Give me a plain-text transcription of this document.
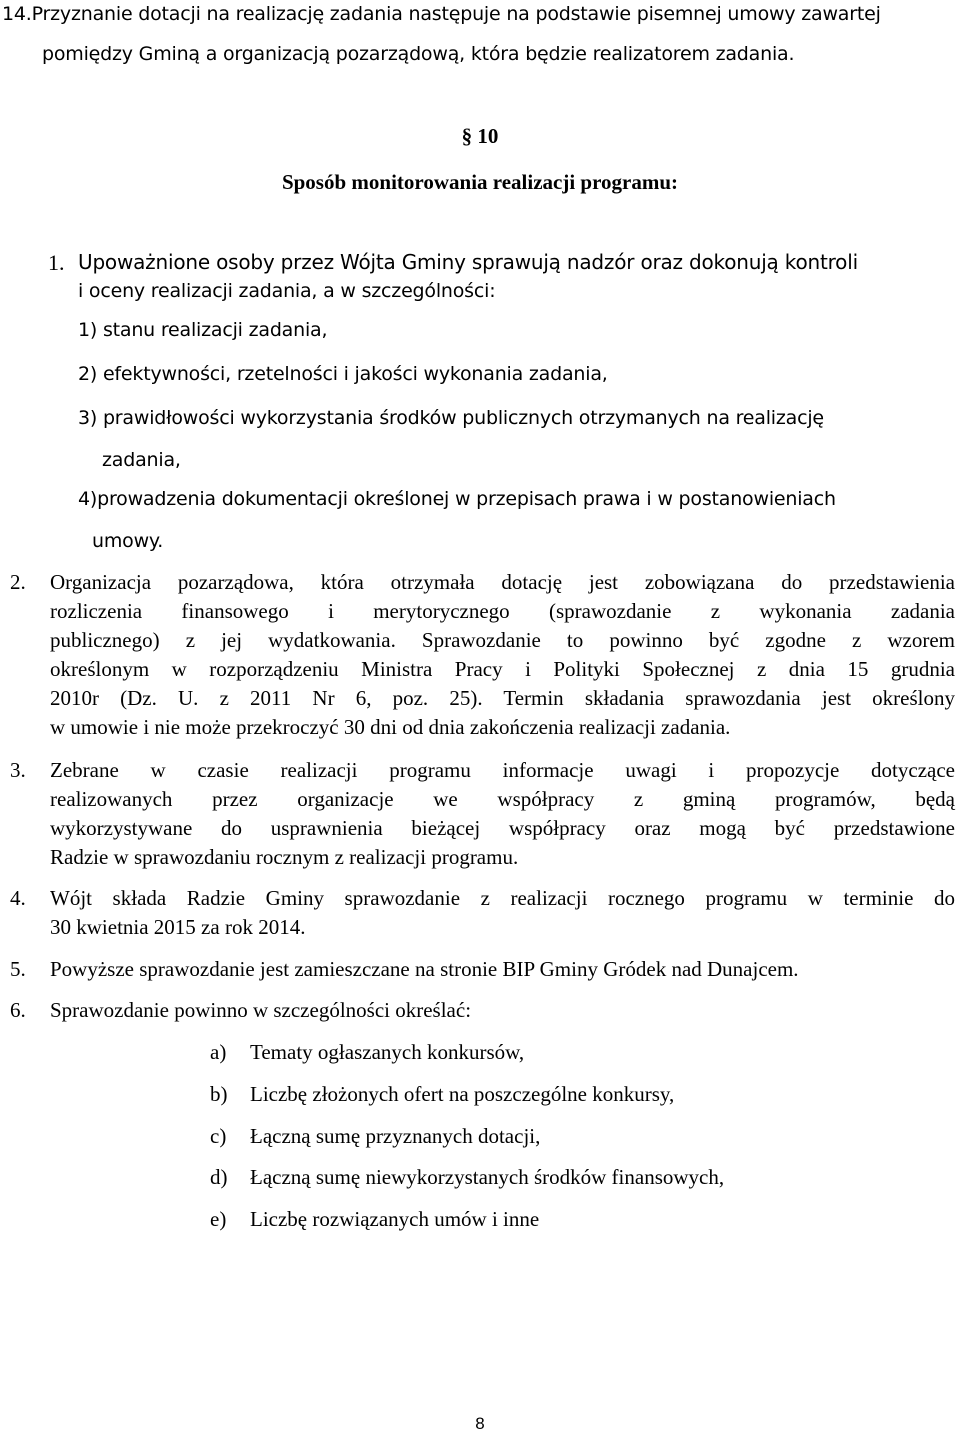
14.Przyznanie dotacji na realizację zadania następuje na podstawie pisemnej umowy zawartej
pomiędzy Gminą a organizacją pozarządową, która będzie realizatorem zadania.
§ 10
Sposób monitorowania realizacji programu:
1. Upoważnione osoby przez Wójta Gminy sprawują nadzór oraz dokonują kontroli
i oceny realizacji zadania, a w szczególności:
1) stanu realizacji zadania,
2) efektywności, rzetelności i jakości wykonania zadania,
3) prawidłowości wykorzystania środków publicznych otrzymanych na realizację
zadania,
4)prowadzenia dokumentacji określonej w przepisach prawa i w postanowieniach
umowy.
2. Organizacja pozarządowa, która otrzymała dotację jest zobowiązana do przedstawienia
rozliczenia finansowego i merytorycznego (sprawozdanie z wykonania zadania
publicznego) z jej wydatkowania. Sprawozdanie to powinno być zgodne z wzorem
określonym w rozporządzeniu Ministra Pracy i Polityki Społecznej z dnia 15 grudnia
2010r (Dz. U. z 2011 Nr 6, poz. 25). Termin składania sprawozdania jest określony
w umowie i nie może przekroczyć 30 dni od dnia zakończenia realizacji zadania.
3. Zebrane w czasie realizacji programu informacje uwagi i propozycje dotyczące
realizowanych przez organizacje we współpracy z gminą programów, będą
wykorzystywane do usprawnienia bieżącej współpracy oraz mogą być przedstawione
Radzie w sprawozdaniu rocznym z realizacji programu.
4. Wójt składa Radzie Gminy sprawozdanie z realizacji rocznego programu w terminie do
30 kwietnia 2015 za rok 2014.
5. Powyższe sprawozdanie jest zamieszczane na stronie BIP Gminy Gródek nad Dunajcem.
6. Sprawozdanie powinno w szczególności określać:
a) Tematy ogłaszanych konkursów,
b) Liczbę złożonych ofert na poszczególne konkursy,
c) Łączną sumę przyznanych dotacji,
d) Łączną sumę niewykorzystanych środków finansowych,
e) Liczbę rozwiązanych umów i inne
8
